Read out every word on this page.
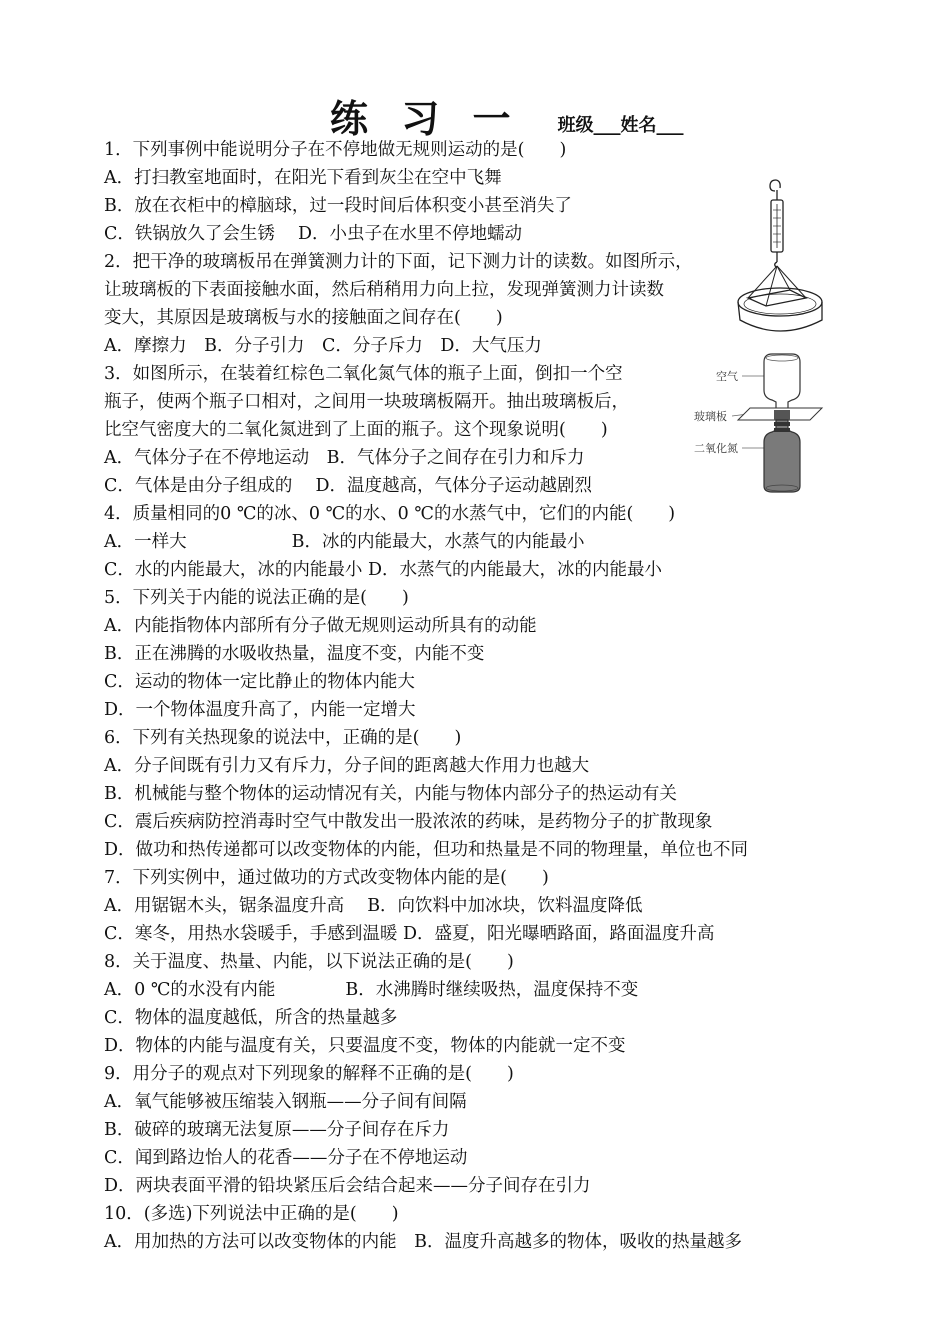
练 习 一 班级___姓名___
1．下列事例中能说明分子在不停地做无规则运动的是(　　)
A．打扫教室地面时，在阳光下看到灰尘在空中飞舞
B．放在衣柜中的樟脑球，过一段时间后体积变小甚至消失了
C．铁锅放久了会生锈　 D．小虫子在水里不停地蠕动
2．把干净的玻璃板吊在弹簧测力计的下面，记下测力计的读数。如图所示，
让玻璃板的下表面接触水面，然后稍稍用力向上拉，发现弹簧测力计读数
变大，其原因是玻璃板与水的接触面之间存在(　　)
A．摩擦力　B．分子引力　C．分子斥力　D．大气压力
3．如图所示，在装着红棕色二氧化氮气体的瓶子上面，倒扣一个空
瓶子，使两个瓶子口相对，之间用一块玻璃板隔开。抽出玻璃板后，
比空气密度大的二氧化氮进到了上面的瓶子。这个现象说明(　　)
A．气体分子在不停地运动　B．气体分子之间存在引力和斥力
C．气体是由分子组成的　 D．温度越高，气体分子运动越剧烈
4．质量相同的0 ℃的冰、0 ℃的水、0 ℃的水蒸气中，它们的内能(　　)
A．一样大　　　　　　B．冰的内能最大，水蒸气的内能最小
C．水的内能最大，冰的内能最小 D．水蒸气的内能最大，冰的内能最小
5．下列关于内能的说法正确的是(　　)
A．内能指物体内部所有分子做无规则运动所具有的动能
B．正在沸腾的水吸收热量，温度不变，内能不变
C．运动的物体一定比静止的物体内能大
D．一个物体温度升高了，内能一定增大
6．下列有关热现象的说法中，正确的是(　　)
A．分子间既有引力又有斥力，分子间的距离越大作用力也越大
B．机械能与整个物体的运动情况有关，内能与物体内部分子的热运动有关
C．震后疾病防控消毒时空气中散发出一股浓浓的药味，是药物分子的扩散现象
D．做功和热传递都可以改变物体的内能，但功和热量是不同的物理量，单位也不同
7．下列实例中，通过做功的方式改变物体内能的是(　　)
A．用锯锯木头，锯条温度升高　 B．向饮料中加冰块，饮料温度降低
C．寒冬，用热水袋暖手，手感到温暖 D．盛夏，阳光曝晒路面，路面温度升高
8．关于温度、热量、内能，以下说法正确的是(　　)
A．0 ℃的水没有内能　　　　B．水沸腾时继续吸热，温度保持不变
C．物体的温度越低，所含的热量越多
D．物体的内能与温度有关，只要温度不变，物体的内能就一定不变
9．用分子的观点对下列现象的解释不正确的是(　　)
A．氧气能够被压缩装入钢瓶——分子间有间隔
B．破碎的玻璃无法复原——分子间存在斥力
C．闻到路边怡人的花香——分子在不停地运动
D．两块表面平滑的铅块紧压后会结合起来——分子间存在引力
10．(多选)下列说法中正确的是(　　)
A．用加热的方法可以改变物体的内能　B．温度升高越多的物体，吸收的热量越多
空气
玻璃板
二氧化氮
